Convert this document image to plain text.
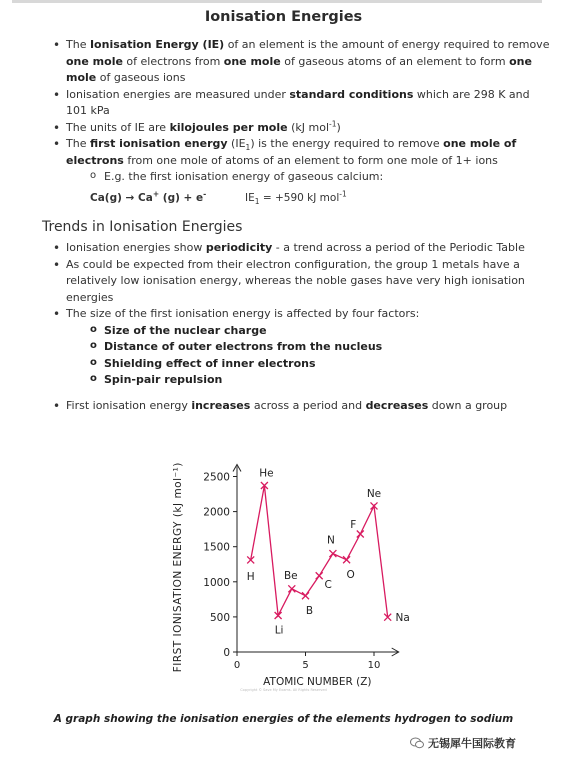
Ionisation Energies
• The Ionisation Energy (IE) of an element is the amount of energy required to remove one mole of electrons from one mole of gaseous atoms of an element to form one mole of gaseous ions
• Ionisation energies are measured under standard conditions which are 298 K and 101 kPa
• The units of IE are kilojoules per mole (kJ mol$^{-1}$)
• The first ionisation energy $(IE_1)$ is the energy required to remove one mole of electrons from one mole of atoms of an element to form one mole of 1+ ions
o E.g. the first ionisation energy of gaseous calcium:
Ca(g) → Ca+ (g) + e-	$IE_1 = +590$ kJ mol$^{-1}$
Trends in Ionisation Energies
• Ionisation energies show periodicity - a trend across a period of the Periodic Table
• As could be expected from their electron configuration, the group 1 metals have a relatively low ionisation energy, whereas the noble gases have very high ionisation energies
• The size of the first ionisation energy is affected by four factors:
o Size of the nuclear charge
o Distance of outer electrons from the nucleus
o Shielding effect of inner electrons
o Spin-pair repulsion
• First ionisation energy increases across a period and decreases down a group
0
500
1000
1500
2000
2500
0	5	10
ATOMIC NUMBER (Z)
FIRST IONISATION ENERGY (kJ mol⁻¹)	H
He
Li
Be
B
C
N
O
F
Ne
Na
Copyright © Save My Exams. All Rights Reserved
A graph showing the ionisation energies of the elements hydrogen to sodium
无锡犀牛国际教育
